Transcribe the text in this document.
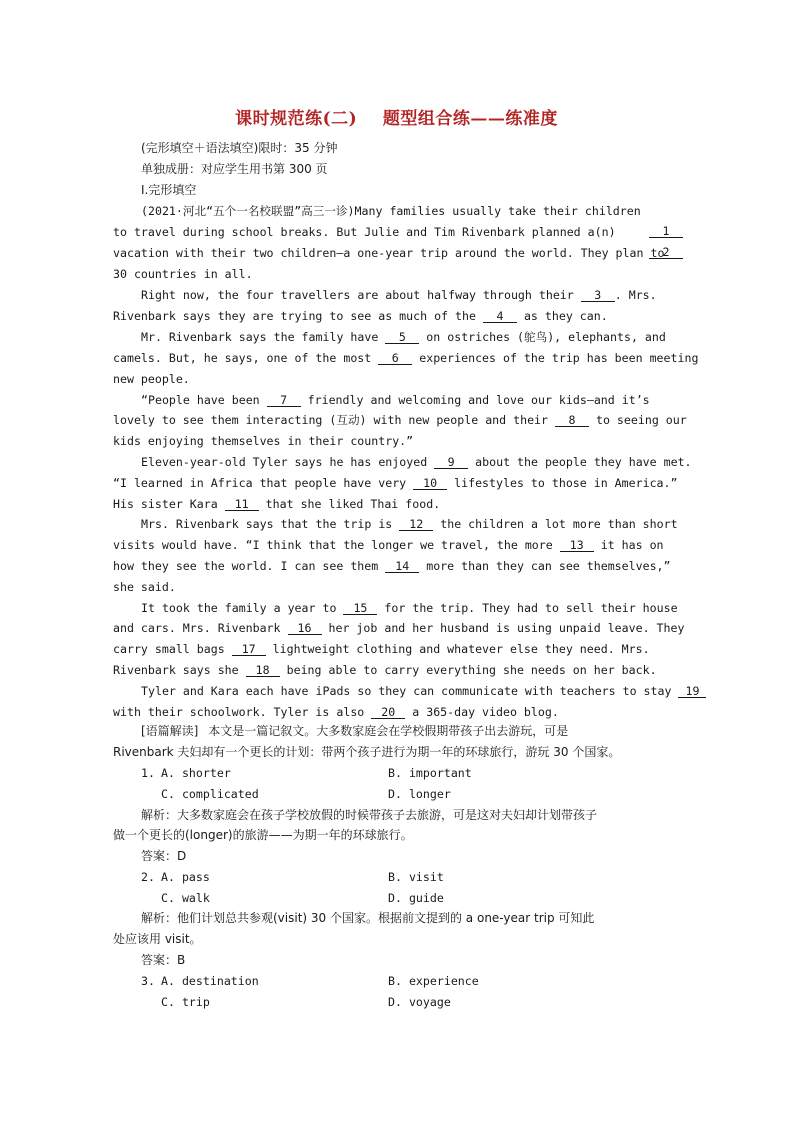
课时规范练(二)    题型组合练——练准度
(完形填空＋语法填空)限时：35 分钟
单独成册：对应学生用书第 300 页
Ⅰ.完形填空
(2021·河北“五个一名校联盟”高三一诊)Many families usually take their children
to travel during school breaks. But Julie and Tim Rivenbark planned a(n)	1
vacation with their two children—a one-year trip around the world. They plan to
2
30 countries in all.
Right now, the four travellers are about halfway through their 3 . Mrs.
Rivenbark says they are trying to see as much of the 4 as they can.
Mr. Rivenbark says the family have 5 on ostriches (鸵鸟), elephants, and
camels. But, he says, one of the most 6 experiences of the trip has been meeting
new people.
“People have been 7 friendly and welcoming and love our kids—and it’s
lovely to see them interacting (互动) with new people and their 8 to seeing our
kids enjoying themselves in their country.”
Eleven-year-old Tyler says he has enjoyed 9 about the people they have met.
“I learned in Africa that people have very 10 lifestyles to those in America.”
His sister Kara 11 that she liked Thai food.
Mrs. Rivenbark says that the trip is 12 the children a lot more than short
visits would have. “I think that the longer we travel, the more 13 it has on
how they see the world. I can see them 14 more than they can see themselves,”
she said.
It took the family a year to 15 for the trip. They had to sell their house
and cars. Mrs. Rivenbark 16 her job and her husband is using unpaid leave. They
carry small bags 17 lightweight clothing and whatever else they need. Mrs.
Rivenbark says she 18 being able to carry everything she needs on her back.
Tyler and Kara each have iPads so they can communicate with teachers to stay 19
with their schoolwork. Tyler is also 20 a 365-day video blog.
[语篇解读] 本文是一篇记叙文。大多数家庭会在学校假期带孩子出去游玩，可是
Rivenbark 夫妇却有一个更长的计划：带两个孩子进行为期一年的环球旅行，游玩 30 个国家。
1. A. shorter	B. important
C. complicated	D. longer
解析：大多数家庭会在孩子学校放假的时候带孩子去旅游，可是这对夫妇却计划带孩子
做一个更长的(longer)的旅游——为期一年的环球旅行。
答案：D
2. A. pass	B. visit
C. walk	D. guide
解析：他们计划总共参观(visit) 30 个国家。根据前文提到的 a one-year trip 可知此
处应该用 visit。
答案：B
3. A. destination	B. experience
C. trip	D. voyage
